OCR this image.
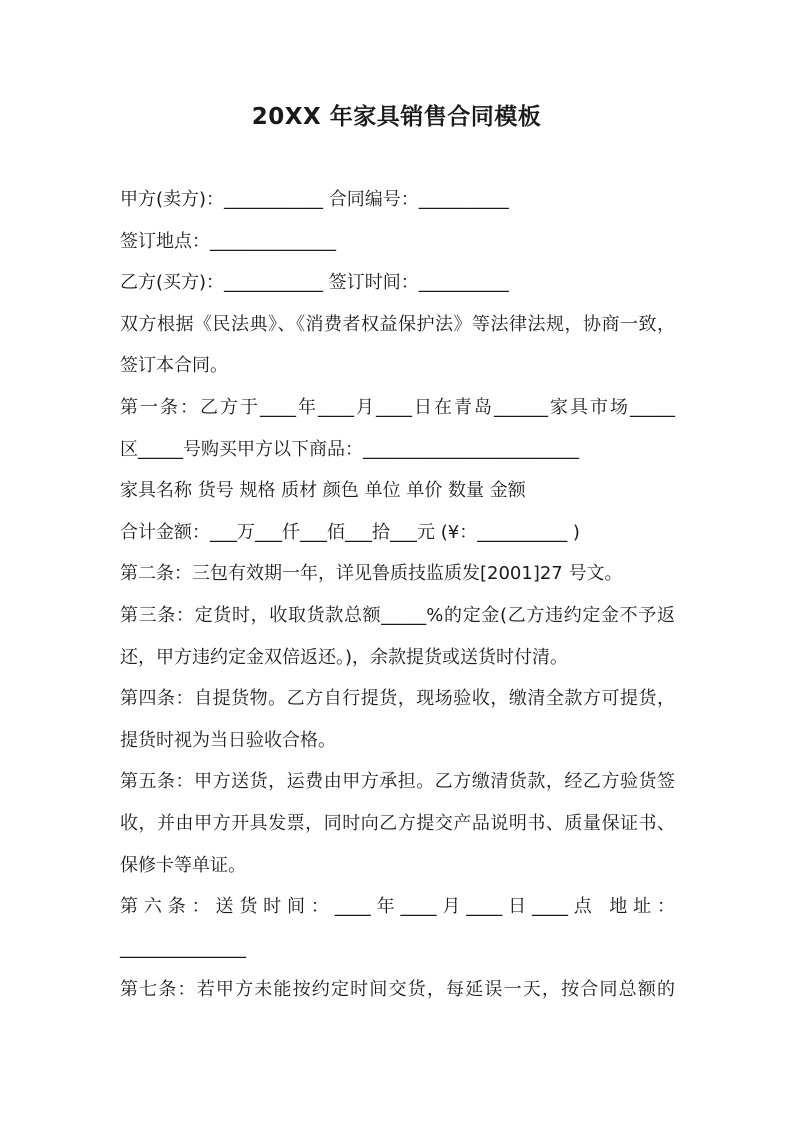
20XX 年家具销售合同模板
甲方(卖方)：___________ 合同编号：__________
签订地点：______________
乙方(买方)：___________ 签订时间：__________
双方根据《民法典》、《消费者权益保护法》等法律法规，协商一致，
签订本合同。
第一条：乙方于____年____月____日在青岛______家具市场_____
区_____号购买甲方以下商品：________________________
家具名称 货号 规格 质材 颜色 单位 单价 数量 金额
合计金额：___万___仟___佰___拾___元 (¥：__________ )
第二条：三包有效期一年，详见鲁质技监质发[2001]27 号文。
第三条：定货时，收取货款总额_____%的定金(乙方违约定金不予返
还，甲方违约定金双倍返还。)，余款提货或送货时付清。
第四条：自提货物。乙方自行提货，现场验收，缴清全款方可提货，
提货时视为当日验收合格。
第五条：甲方送货，运费由甲方承担。乙方缴清货款，经乙方验货签
收，并由甲方开具发票，同时向乙方提交产品说明书、质量保证书、
保修卡等单证。
第六条：送货时间：____年____月____日____点 地址：
______________
第七条：若甲方未能按约定时间交货，每延误一天，按合同总额的
